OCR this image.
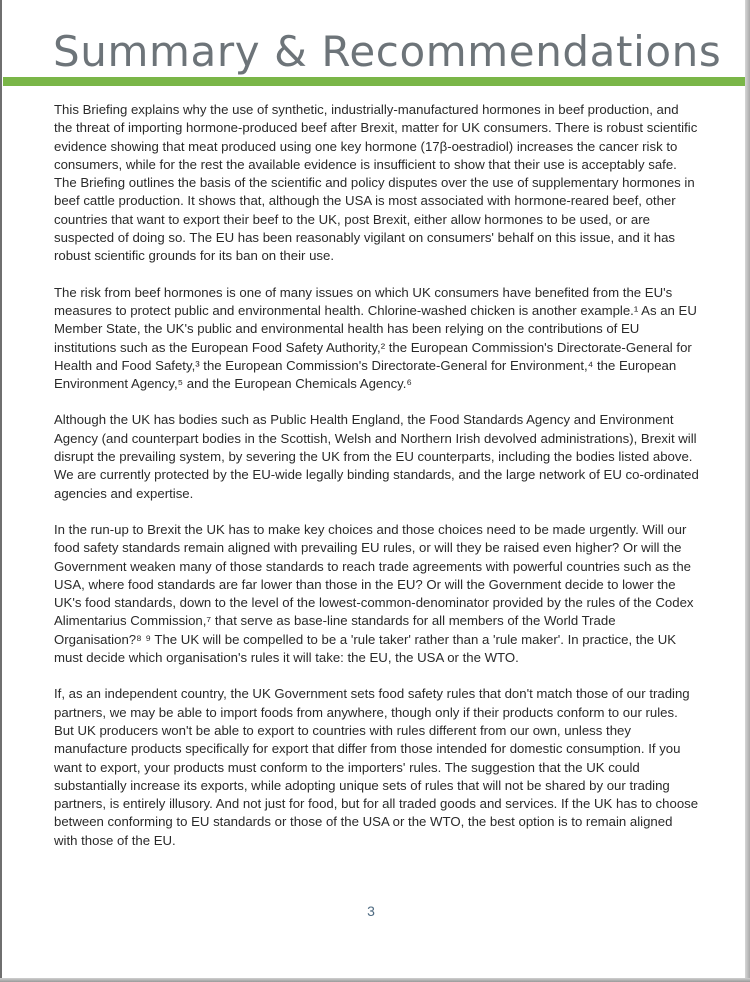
Summary & Recommendations

This Briefing explains why the use of synthetic, industrially-manufactured hormones in beef production, and the threat of importing hormone-produced beef after Brexit, matter for UK consumers. There is robust scientific evidence showing that meat produced using one key hormone (17β-oestradiol) increases the cancer risk to consumers, while for the rest the available evidence is insufficient to show that their use is acceptably safe. The Briefing outlines the basis of the scientific and policy disputes over the use of supplementary hormones in beef cattle production. It shows that, although the USA is most associated with hormone-reared beef, other countries that want to export their beef to the UK, post Brexit, either allow hormones to be used, or are suspected of doing so. The EU has been reasonably vigilant on consumers' behalf on this issue, and it has robust scientific grounds for its ban on their use.

The risk from beef hormones is one of many issues on which UK consumers have benefited from the EU's measures to protect public and environmental health. Chlorine-washed chicken is another example.¹ As an EU Member State, the UK's public and environmental health has been relying on the contributions of EU institutions such as the European Food Safety Authority,² the European Commission's Directorate-General for Health and Food Safety,³ the European Commission's Directorate-General for Environment,⁴ the European Environment Agency,⁵ and the European Chemicals Agency.⁶

Although the UK has bodies such as Public Health England, the Food Standards Agency and Environment Agency (and counterpart bodies in the Scottish, Welsh and Northern Irish devolved administrations), Brexit will disrupt the prevailing system, by severing the UK from the EU counterparts, including the bodies listed above. We are currently protected by the EU-wide legally binding standards, and the large network of EU co-ordinated agencies and expertise.

In the run-up to Brexit the UK has to make key choices and those choices need to be made urgently. Will our food safety standards remain aligned with prevailing EU rules, or will they be raised even higher? Or will the Government weaken many of those standards to reach trade agreements with powerful countries such as the USA, where food standards are far lower than those in the EU? Or will the Government decide to lower the UK's food standards, down to the level of the lowest-common-denominator provided by the rules of the Codex Alimentarius Commission,⁷ that serve as base-line standards for all members of the World Trade Organisation?⁸ ⁹ The UK will be compelled to be a 'rule taker' rather than a 'rule maker'. In practice, the UK must decide which organisation's rules it will take: the EU, the USA or the WTO.

If, as an independent country, the UK Government sets food safety rules that don't match those of our trading partners, we may be able to import foods from anywhere, though only if their products conform to our rules. But UK producers won't be able to export to countries with rules different from our own, unless they manufacture products specifically for export that differ from those intended for domestic consumption. If you want to export, your products must conform to the importers' rules. The suggestion that the UK could substantially increase its exports, while adopting unique sets of rules that will not be shared by our trading partners, is entirely illusory. And not just for food, but for all traded goods and services. If the UK has to choose between conforming to EU standards or those of the USA or the WTO, the best option is to remain aligned with those of the EU.

3
